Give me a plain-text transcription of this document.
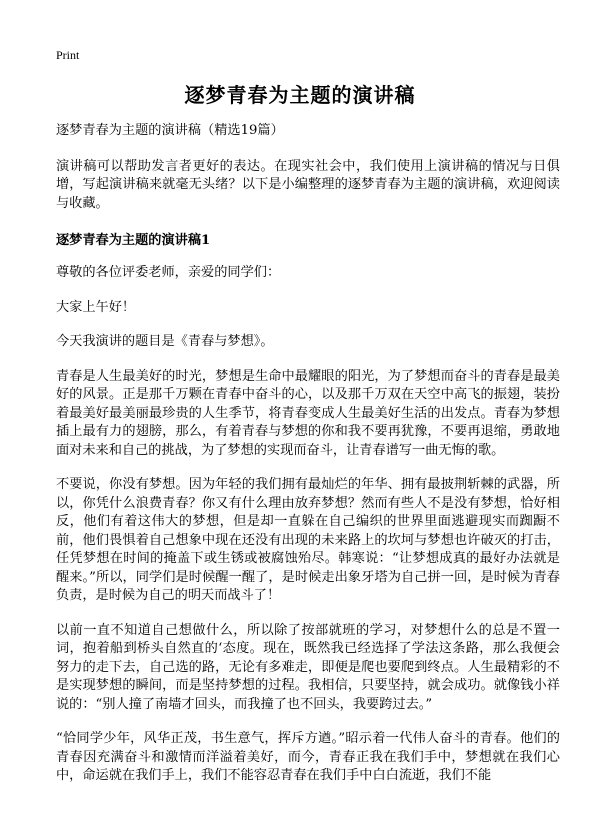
Print
逐梦青春为主题的演讲稿

逐梦青春为主题的演讲稿（精选19篇）

演讲稿可以帮助发言者更好的表达。在现实社会中，我们使用上演讲稿的情况与日俱增，写起演讲稿来就毫无头绪？以下是小编整理的逐梦青春为主题的演讲稿，欢迎阅读与收藏。

逐梦青春为主题的演讲稿1

尊敬的各位评委老师，亲爱的同学们：

大家上午好！

今天我演讲的题目是《青春与梦想》。

青春是人生最美好的时光，梦想是生命中最耀眼的阳光，为了梦想而奋斗的青春是最美好的风景。正是那千万颗在青春中奋斗的心，以及那千万双在天空中高飞的振翅，装扮着最美好最美丽最珍贵的人生季节，将青春变成人生最美好生活的出发点。青春为梦想插上最有力的翅膀，那么，有着青春与梦想的你和我不要再犹豫，不要再退缩，勇敢地面对未来和自己的挑战，为了梦想的实现而奋斗，让青春谱写一曲无悔的歌。

不要说，你没有梦想。因为年轻的我们拥有最灿烂的年华、拥有最披荆斩棘的武器，所以，你凭什么浪费青春？你又有什么理由放弃梦想？然而有些人不是没有梦想，恰好相反，他们有着这伟大的梦想，但是却一直躲在自己编织的世界里面逃避现实而踟蹰不前，他们畏惧着自己想象中现在还没有出现的未来路上的坎坷与梦想也许破灭的打击，任凭梦想在时间的掩盖下或生锈或被腐蚀殆尽。韩寒说：“让梦想成真的最好办法就是醒来。”所以，同学们是时候醒一醒了，是时候走出象牙塔为自己拼一回，是时候为青春负责，是时候为自己的明天而战斗了！

以前一直不知道自己想做什么，所以除了按部就班的学习，对梦想什么的总是不置一词，抱着船到桥头自然直的‘态度。现在，既然我已经选择了学法这条路，那么我便会努力的走下去，自己选的路，无论有多难走，即便是爬也要爬到终点。人生最精彩的不是实现梦想的瞬间，而是坚持梦想的过程。我相信，只要坚持，就会成功。就像钱小祥说的：“别人撞了南墙才回头，而我撞了也不回头，我要跨过去。”

“恰同学少年，风华正茂，书生意气，挥斥方遒。”昭示着一代伟人奋斗的青春。他们的青春因充满奋斗和激情而洋溢着美好，而今，青春正我在我们手中，梦想就在我们心中，命运就在我们手上，我们不能容忍青春在我们手中白白流逝，我们不能
